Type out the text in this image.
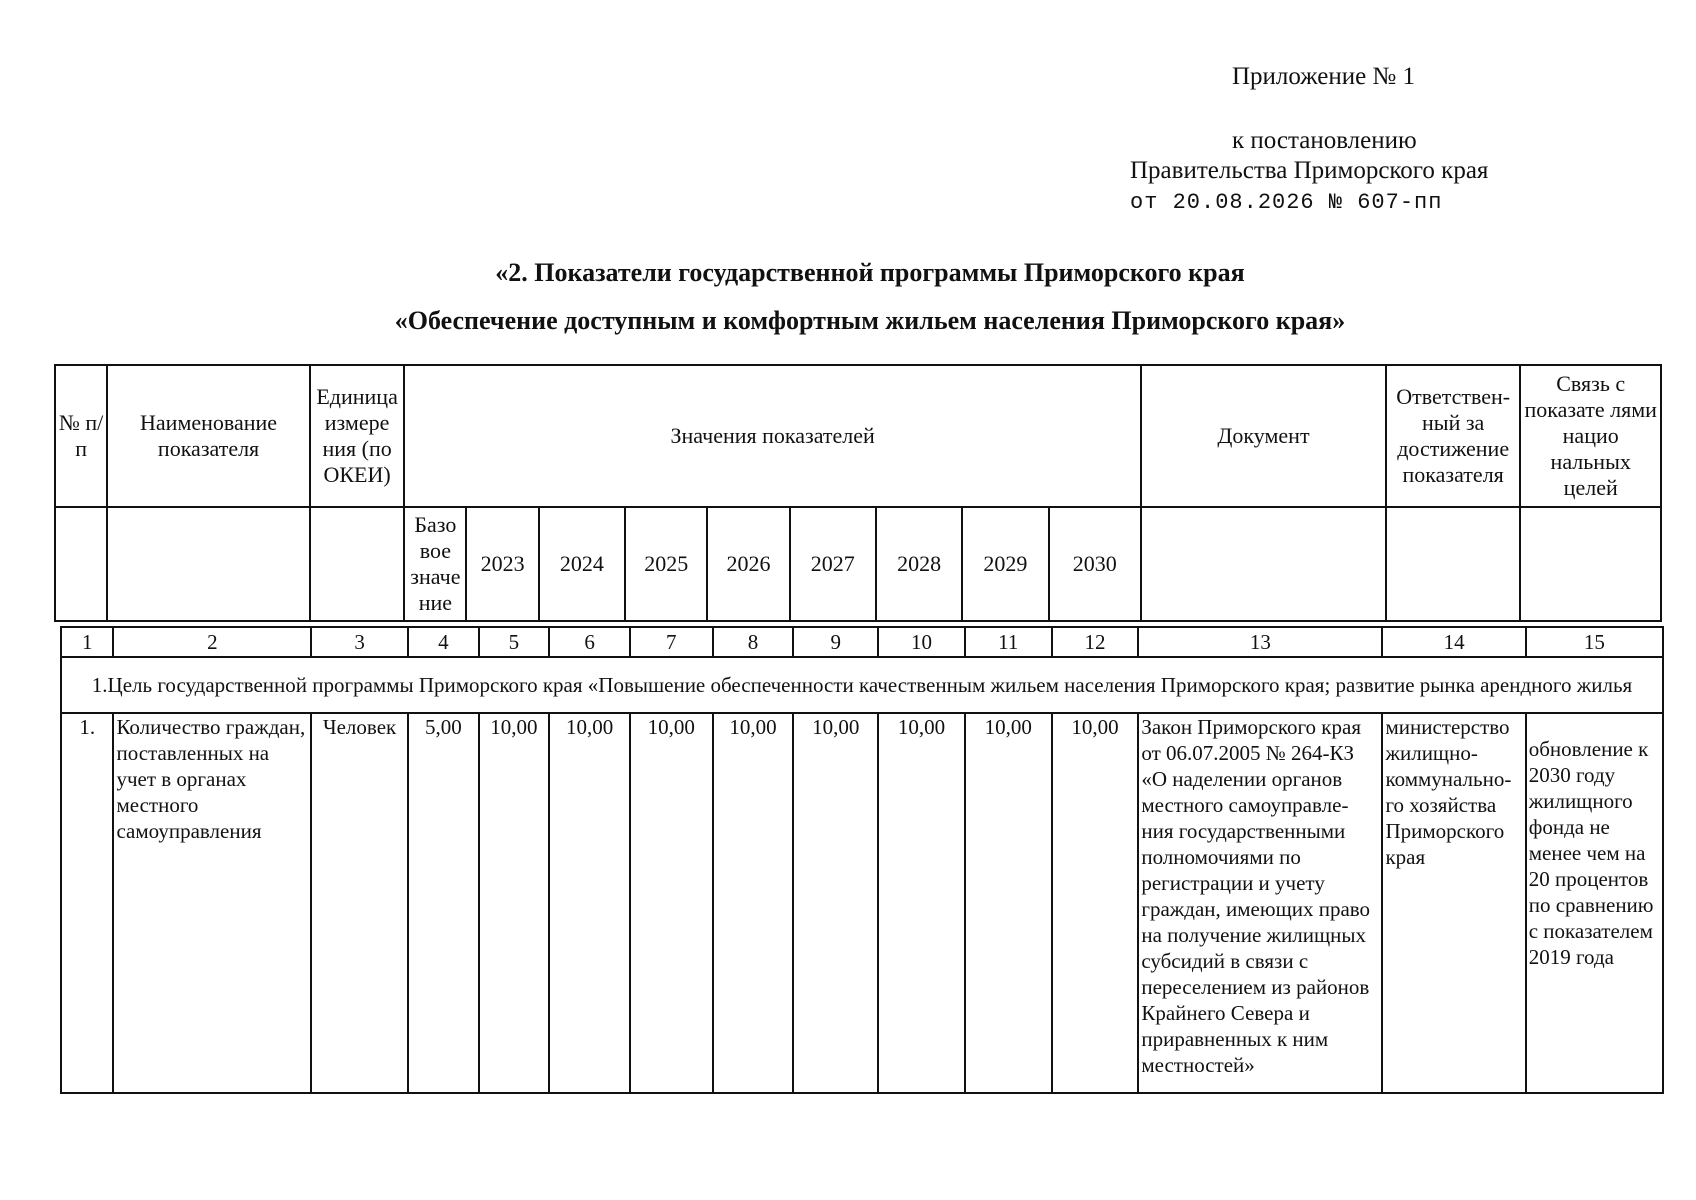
Приложение № 1
к постановлению
Правительства Приморского края
от 20.08.2026 № 607-пп
«2. Показатели государственной программы Приморского края
«Обеспечение доступным и комфортным жильем населения Приморского края»
№ п/п	Наименование показателя	Единица измере ния (по ОКЕИ)	Значения показателей									Документ	Ответствен-ный за достижение показателя	Связь с показате лями нацио нальных целей
			Базо вое значе ние	2023	2024	2025	2026	2027	2028	2029	2030			
1	2	3	4	5	6	7	8	9	10	11	12	13	14	15
1.Цель государственной программы Приморского края «Повышение обеспеченности качественным жильем населения Приморского края; развитие рынка арендного жилья														
1.	Количество граждан, поставленных на учет в органах местного самоуправления	Человек	5,00	10,00	10,00	10,00	10,00	10,00	10,00	10,00	10,00	Закон Приморского края от 06.07.2005 № 264-КЗ «О наделении органов местного самоуправле-ния государственными полномочиями по регистрации и учету граждан, имеющих право на получение жилищных субсидий в связи с переселением из районов Крайнего Севера и приравненных к ним местностей»	министерство жилищно-коммунально-го хозяйства Приморского края	обновление к 2030 году жилищного фонда не менее чем на 20 процентов по сравнению с показателем 2019 года
